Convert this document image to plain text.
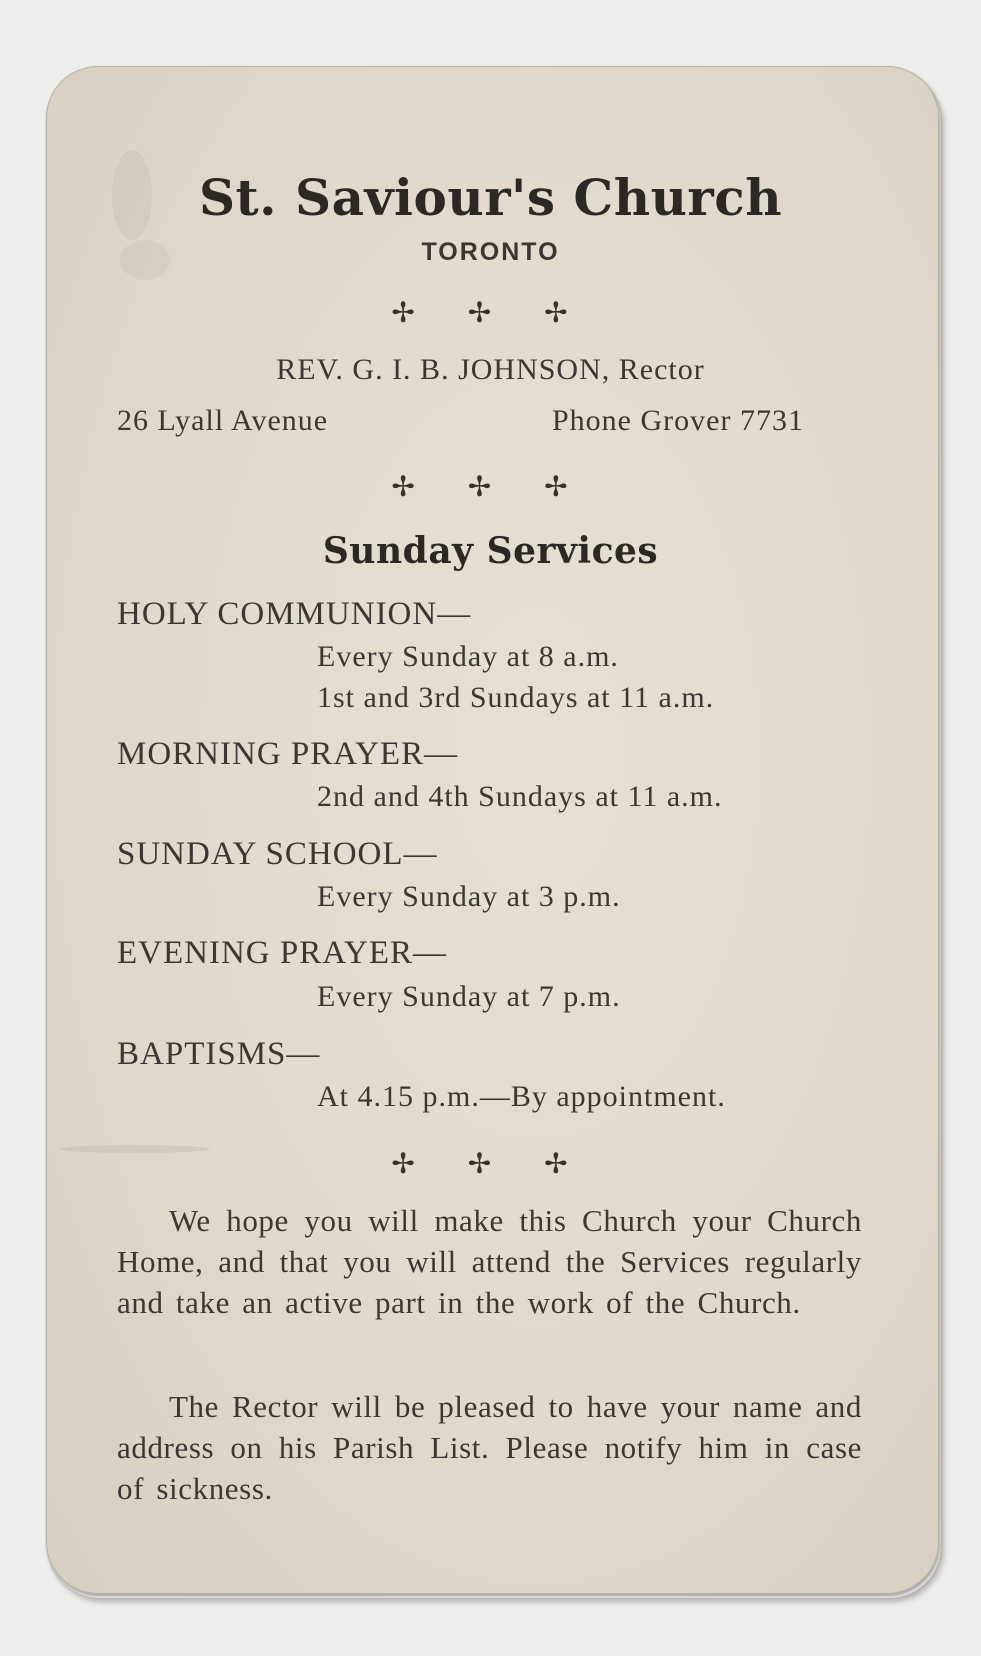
St. Saviour's Church
TORONTO
✢ ✢ ✢
REV. G. I. B. JOHNSON, Rector
26 Lyall Avenue	Phone Grover 7731
✢ ✢ ✢
Sunday Services
HOLY COMMUNION—
Every Sunday at 8 a.m.
1st and 3rd Sundays at 11 a.m.
MORNING PRAYER—
2nd and 4th Sundays at 11 a.m.
SUNDAY SCHOOL—
Every Sunday at 3 p.m.
EVENING PRAYER—
Every Sunday at 7 p.m.
BAPTISMS—
At 4.15 p.m.—By appointment.
✢ ✢ ✢
We hope you will make this Church your Church Home, and that you will attend the Services regularly and take an active part in the work of the Church.
The Rector will be pleased to have your name and address on his Parish List. Please notify him in case of sickness.
